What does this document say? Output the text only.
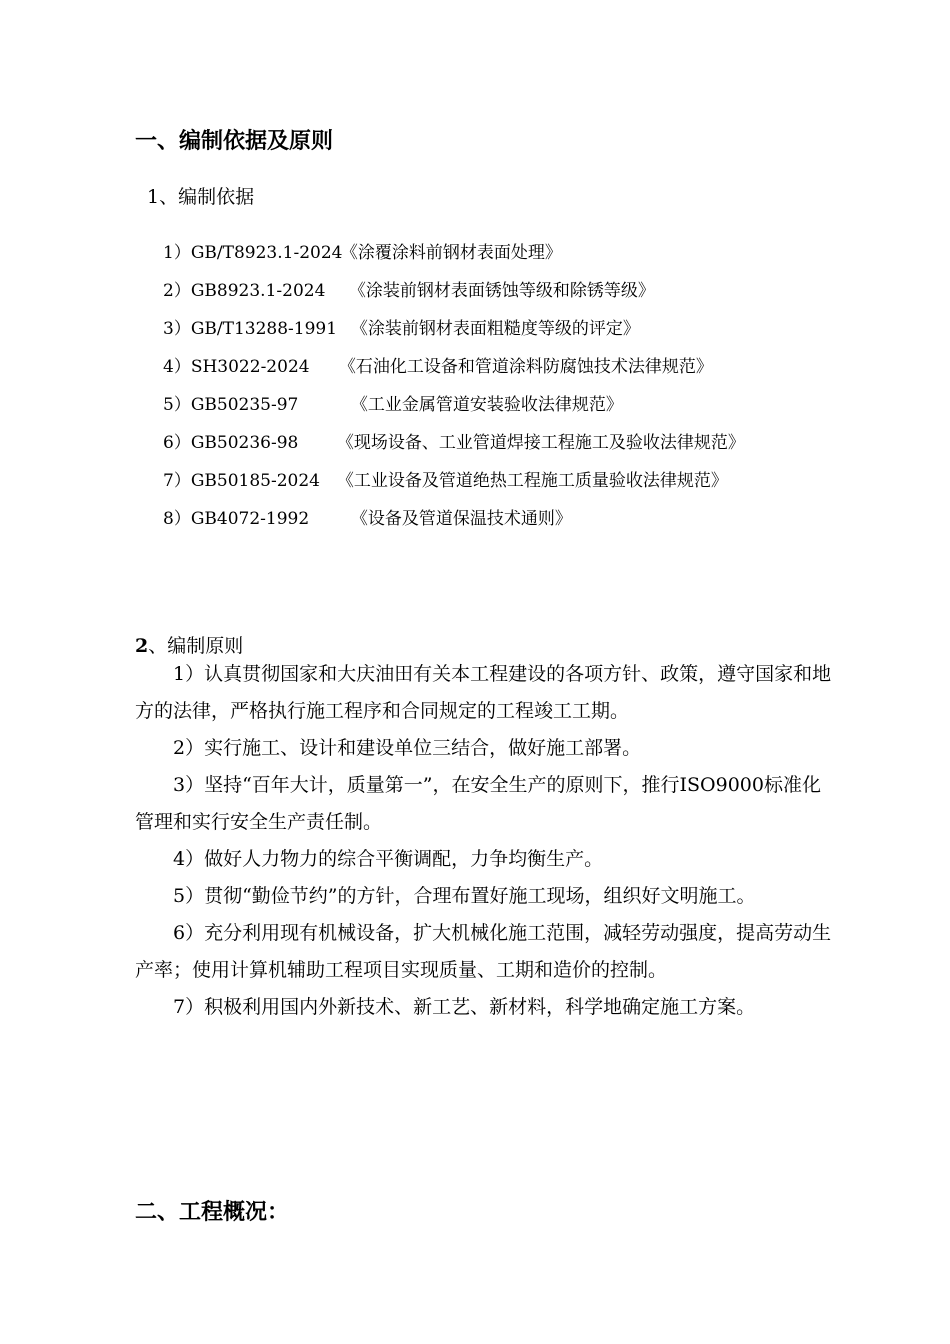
一、编制依据及原则
1、编制依据
1）GB/T8923.1-2024《涂覆涂料前钢材表面处理》
2）GB8923.1-2024 《涂装前钢材表面锈蚀等级和除锈等级》
3）GB/T13288-1991 《涂装前钢材表面粗糙度等级的评定》
4）SH3022-2024 《石油化工设备和管道涂料防腐蚀技术法律规范》
5）GB50235-97	《工业金属管道安装验收法律规范》
6）GB50236-98 《现场设备、工业管道焊接工程施工及验收法律规范》
7）GB50185-2024 《工业设备及管道绝热工程施工质量验收法律规范》
8）GB4072-1992 《设备及管道保温技术通则》
2、编制原则

1）认真贯彻国家和大庆油田有关本工程建设的各项方针、政策，遵守国家和地方的法律，严格执行施工程序和合同规定的工程竣工工期。

2）实行施工、设计和建设单位三结合，做好施工部署。

3）坚持“百年大计，质量第一”，在安全生产的原则下，推行ISO9000标准化管理和实行安全生产责任制。

4）做好人力物力的综合平衡调配，力争均衡生产。

5）贯彻“勤俭节约”的方针，合理布置好施工现场，组织好文明施工。

6）充分利用现有机械设备，扩大机械化施工范围，减轻劳动强度，提高劳动生产率；使用计算机辅助工程项目实现质量、工期和造价的控制。

7）积极利用国内外新技术、新工艺、新材料，科学地确定施工方案。

二、工程概况：
